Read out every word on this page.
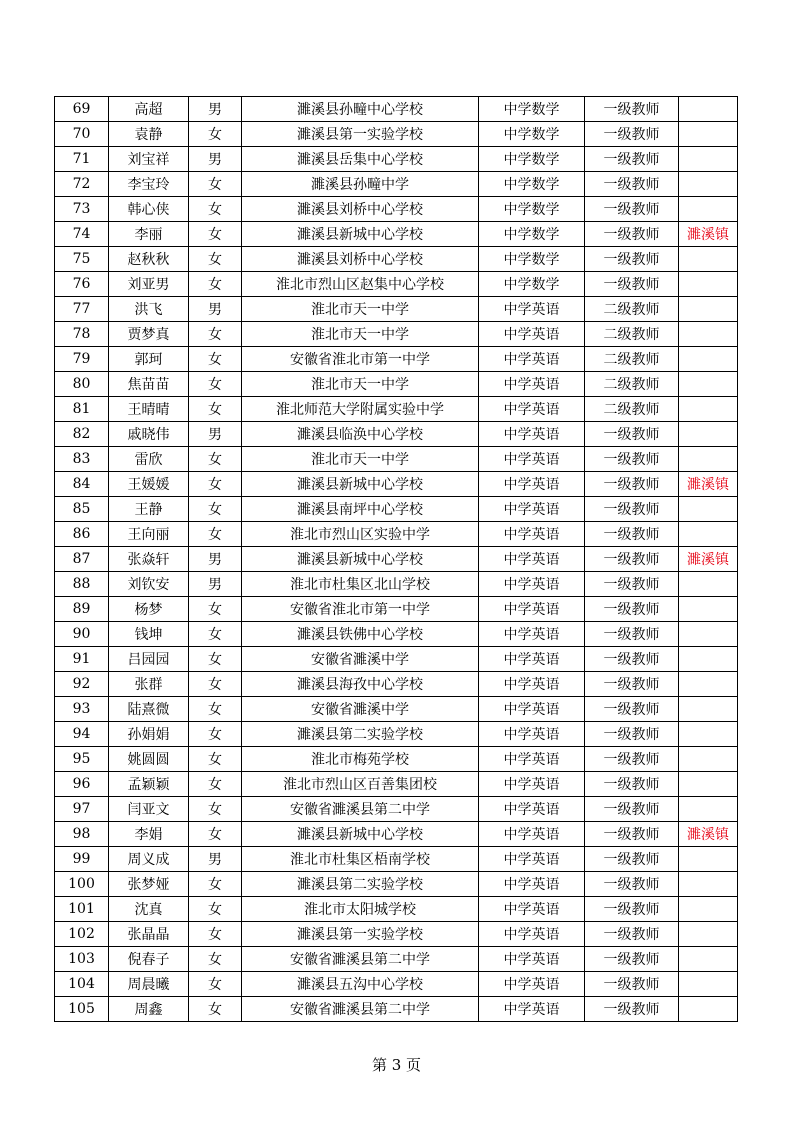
69	高超	男	濉溪县孙疃中心学校	中学数学	一级教师	
70	袁静	女	濉溪县第一实验学校	中学数学	一级教师	
71	刘宝祥	男	濉溪县岳集中心学校	中学数学	一级教师	
72	李宝玲	女	濉溪县孙疃中学	中学数学	一级教师	
73	韩心侠	女	濉溪县刘桥中心学校	中学数学	一级教师	
74	李丽	女	濉溪县新城中心学校	中学数学	一级教师	濉溪镇
75	赵秋秋	女	濉溪县刘桥中心学校	中学数学	一级教师	
76	刘亚男	女	淮北市烈山区赵集中心学校	中学数学	一级教师	
77	洪飞	男	淮北市天一中学	中学英语	二级教师	
78	贾梦真	女	淮北市天一中学	中学英语	二级教师	
79	郭珂	女	安徽省淮北市第一中学	中学英语	二级教师	
80	焦苗苗	女	淮北市天一中学	中学英语	二级教师	
81	王晴晴	女	淮北师范大学附属实验中学	中学英语	二级教师	
82	戚晓伟	男	濉溪县临涣中心学校	中学英语	一级教师	
83	雷欣	女	淮北市天一中学	中学英语	一级教师	
84	王媛媛	女	濉溪县新城中心学校	中学英语	一级教师	濉溪镇
85	王静	女	濉溪县南坪中心学校	中学英语	一级教师	
86	王向丽	女	淮北市烈山区实验中学	中学英语	一级教师	
87	张焱轩	男	濉溪县新城中心学校	中学英语	一级教师	濉溪镇
88	刘钦安	男	淮北市杜集区北山学校	中学英语	一级教师	
89	杨梦	女	安徽省淮北市第一中学	中学英语	一级教师	
90	钱坤	女	濉溪县铁佛中心学校	中学英语	一级教师	
91	吕园园	女	安徽省濉溪中学	中学英语	一级教师	
92	张群	女	濉溪县海孜中心学校	中学英语	一级教师	
93	陆熹微	女	安徽省濉溪中学	中学英语	一级教师	
94	孙娟娟	女	濉溪县第二实验学校	中学英语	一级教师	
95	姚圆圆	女	淮北市梅苑学校	中学英语	一级教师	
96	孟颖颖	女	淮北市烈山区百善集团校	中学英语	一级教师	
97	闫亚文	女	安徽省濉溪县第二中学	中学英语	一级教师	
98	李娟	女	濉溪县新城中心学校	中学英语	一级教师	濉溪镇
99	周义成	男	淮北市杜集区梧南学校	中学英语	一级教师	
100	张梦娅	女	濉溪县第二实验学校	中学英语	一级教师	
101	沈真	女	淮北市太阳城学校	中学英语	一级教师	
102	张晶晶	女	濉溪县第一实验学校	中学英语	一级教师	
103	倪春子	女	安徽省濉溪县第二中学	中学英语	一级教师	
104	周晨曦	女	濉溪县五沟中心学校	中学英语	一级教师	
105	周鑫	女	安徽省濉溪县第二中学	中学英语	一级教师	
第 3 页
